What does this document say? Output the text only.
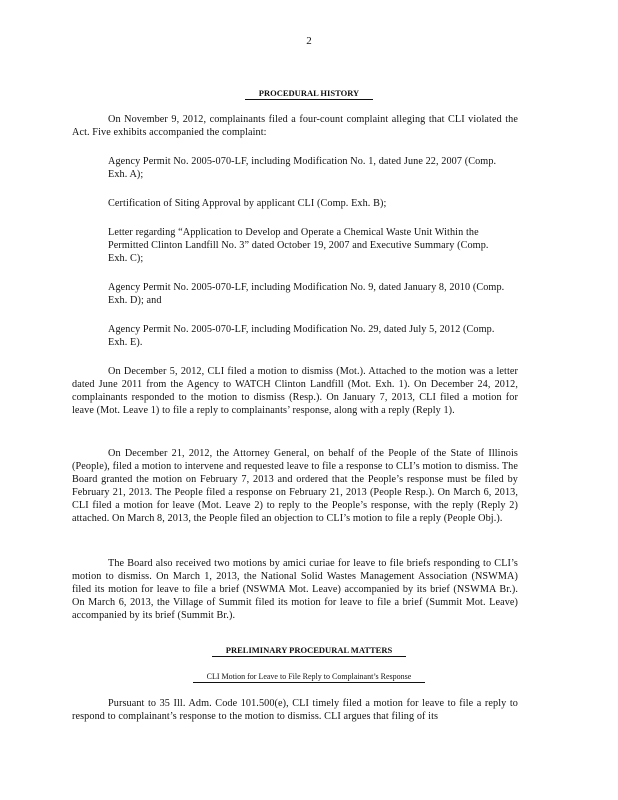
2
PROCEDURAL HISTORY
On November 9, 2012, complainants filed a four-count complaint alleging that CLI violated the Act. Five exhibits accompanied the complaint:
Agency Permit No. 2005-070-LF, including Modification No. 1, dated June 22, 2007 (Comp. Exh. A);
Certification of Siting Approval by applicant CLI (Comp. Exh. B);
Letter regarding “Application to Develop and Operate a Chemical Waste Unit Within the Permitted Clinton Landfill No. 3” dated October 19, 2007 and Executive Summary (Comp. Exh. C);
Agency Permit No. 2005-070-LF, including Modification No. 9, dated January 8, 2010 (Comp. Exh. D); and
Agency Permit No. 2005-070-LF, including Modification No. 29, dated July 5, 2012 (Comp. Exh. E).
On December 5, 2012, CLI filed a motion to dismiss (Mot.). Attached to the motion was a letter dated June 2011 from the Agency to WATCH Clinton Landfill (Mot. Exh. 1). On December 24, 2012, complainants responded to the motion to dismiss (Resp.). On January 7, 2013, CLI filed a motion for leave (Mot. Leave 1) to file a reply to complainants’ response, along with a reply (Reply 1).
On December 21, 2012, the Attorney General, on behalf of the People of the State of Illinois (People), filed a motion to intervene and requested leave to file a response to CLI’s motion to dismiss. The Board granted the motion on February 7, 2013 and ordered that the People’s response must be filed by February 21, 2013. The People filed a response on February 21, 2013 (People Resp.). On March 6, 2013, CLI filed a motion for leave (Mot. Leave 2) to reply to the People’s response, with the reply (Reply 2) attached. On March 8, 2013, the People filed an objection to CLI’s motion to file a reply (People Obj.).
The Board also received two motions by amici curiae for leave to file briefs responding to CLI’s motion to dismiss. On March 1, 2013, the National Solid Wastes Management Association (NSWMA) filed its motion for leave to file a brief (NSWMA Mot. Leave) accompanied by its brief (NSWMA Br.). On March 6, 2013, the Village of Summit filed its motion for leave to file a brief (Summit Mot. Leave) accompanied by its brief (Summit Br.).
PRELIMINARY PROCEDURAL MATTERS
CLI Motion for Leave to File Reply to Complainant’s Response
Pursuant to 35 Ill. Adm. Code 101.500(e), CLI timely filed a motion for leave to file a reply to respond to complainant’s response to the motion to dismiss. CLI argues that filing of its
